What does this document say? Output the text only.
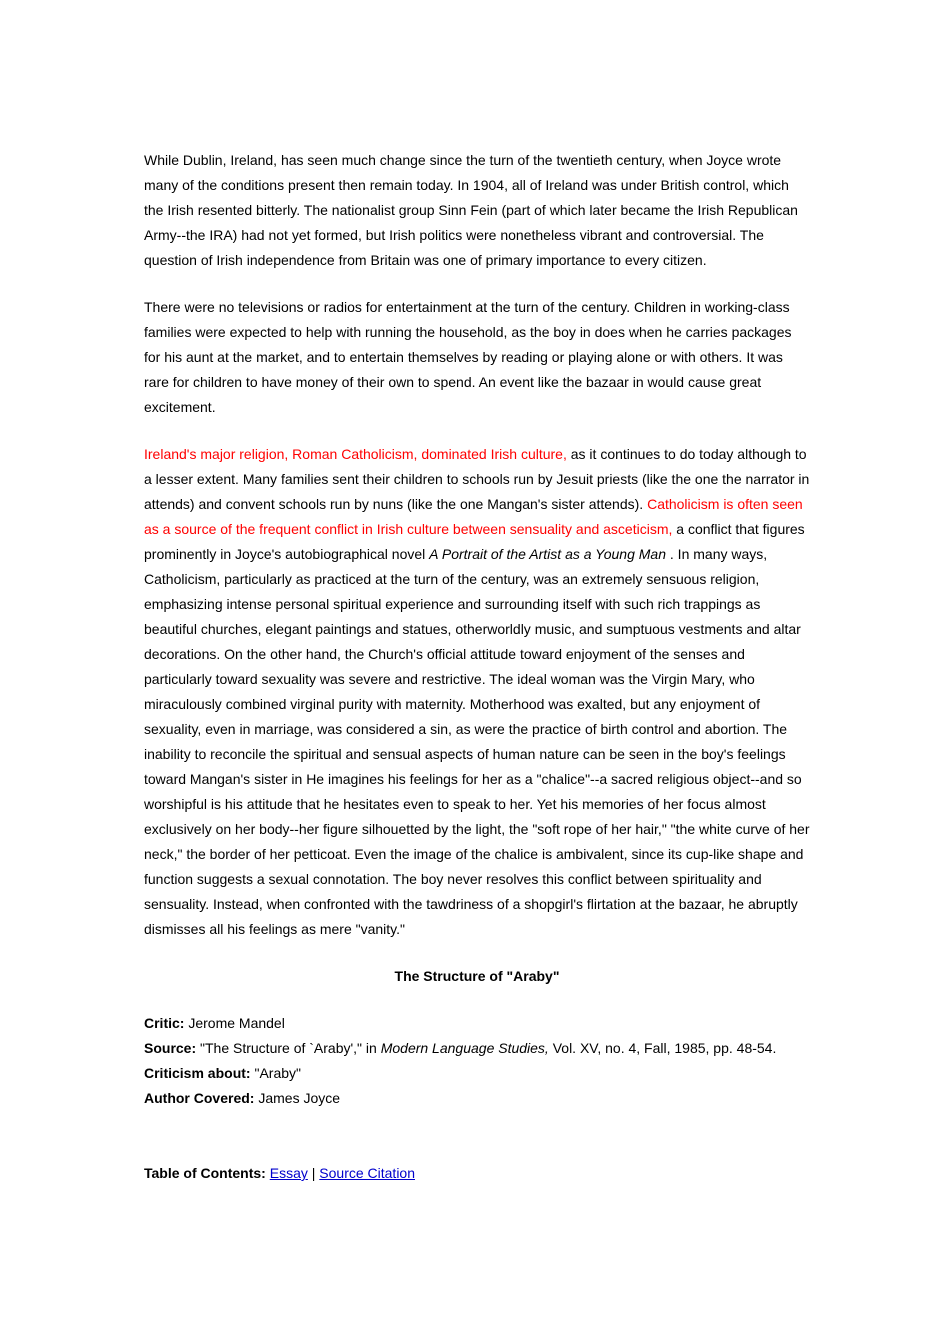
While Dublin, Ireland, has seen much change since the turn of the twentieth century, when Joyce wrote many of the conditions present then remain today. In 1904, all of Ireland was under British control, which the Irish resented bitterly. The nationalist group Sinn Fein (part of which later became the Irish Republican Army--the IRA) had not yet formed, but Irish politics were nonetheless vibrant and controversial. The question of Irish independence from Britain was one of primary importance to every citizen.

There were no televisions or radios for entertainment at the turn of the century. Children in working-class families were expected to help with running the household, as the boy in does when he carries packages for his aunt at the market, and to entertain themselves by reading or playing alone or with others. It was rare for children to have money of their own to spend. An event like the bazaar in would cause great excitement.

Ireland's major religion, Roman Catholicism, dominated Irish culture, as it continues to do today although to a lesser extent. Many families sent their children to schools run by Jesuit priests (like the one the narrator in attends) and convent schools run by nuns (like the one Mangan's sister attends). Catholicism is often seen as a source of the frequent conflict in Irish culture between sensuality and asceticism, a conflict that figures prominently in Joyce's autobiographical novel A Portrait of the Artist as a Young Man . In many ways, Catholicism, particularly as practiced at the turn of the century, was an extremely sensuous religion, emphasizing intense personal spiritual experience and surrounding itself with such rich trappings as beautiful churches, elegant paintings and statues, otherworldly music, and sumptuous vestments and altar decorations. On the other hand, the Church's official attitude toward enjoyment of the senses and particularly toward sexuality was severe and restrictive. The ideal woman was the Virgin Mary, who miraculously combined virginal purity with maternity. Motherhood was exalted, but any enjoyment of sexuality, even in marriage, was considered a sin, as were the practice of birth control and abortion. The inability to reconcile the spiritual and sensual aspects of human nature can be seen in the boy's feelings toward Mangan's sister in He imagines his feelings for her as a "chalice"--a sacred religious object--and so worshipful is his attitude that he hesitates even to speak to her. Yet his memories of her focus almost exclusively on her body--her figure silhouetted by the light, the "soft rope of her hair," "the white curve of her neck," the border of her petticoat. Even the image of the chalice is ambivalent, since its cup-like shape and function suggests a sexual connotation. The boy never resolves this conflict between spirituality and sensuality. Instead, when confronted with the tawdriness of a shopgirl's flirtation at the bazaar, he abruptly dismisses all his feelings as mere "vanity."

The Structure of "Araby"

Critic: Jerome Mandel
Source: "The Structure of `Araby'," in Modern Language Studies, Vol. XV, no. 4, Fall, 1985, pp. 48-54.
Criticism about: "Araby"
Author Covered: James Joyce
Table of Contents: Essay | Source Citation
